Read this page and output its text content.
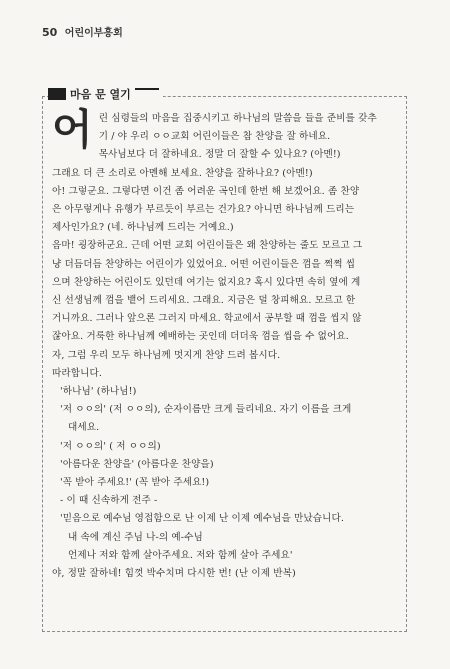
50 어린이부흥회
마음 문 열기
어 린 심령들의 마음을 집중시키고 하나님의 말씀을 들을 준비를 갖추
기 / 야 우리 ㅇㅇ교회 어린이들은 참 찬양을 잘 하네요.
목사님보다 더 잘하네요. 정말 더 잘할 수 있나요? (아멘!)
그래요 더 큰 소리로 아멘해 보세요. 찬양을 잘하나요? (아멘!)
아! 그렇군요. 그렇다면 이건 좀 어려운 곡인데 한번 해 보겠어요. 좀 찬양
은 아무렇게나 유행가 부르듯이 부르는 건가요? 아니면 하나님께 드리는
제사인가요? (네. 하나님께 드리는 거예요.)
음마! 굉장하군요. 근데 어떤 교회 어린이들은 왜 찬양하는 줄도 모르고 그
냥 더듬더듬 찬양하는 어린이가 있었어요. 어떤 어린이들은 껌을 쩍쩍 씹
으며 찬양하는 어린이도 있던데 여기는 없지요? 혹시 있다면 속히 옆에 계
신 선생님께 껌을 뱉어 드리세요. 그래요. 지금은 덜 창피해요. 모르고 한
거니까요. 그러나 앞으론 그러지 마세요. 학교에서 공부할 때 껌을 씹지 않
잖아요. 거룩한 하나님께 예배하는 곳인데 더더욱 껌을 씹을 수 없어요.
자, 그럼 우리 모두 하나님께 멋지게 찬양 드려 봅시다.
따라합니다.
'하나님' (하나님!)
'저 ㅇㅇ의' (저 ㅇㅇ의), 순자이름만 크게 들리네요. 자기 이름을 크게
대세요.
'저 ㅇㅇ의' ( 저 ㅇㅇ의)
'아름다운 찬양을' (아름다운 찬양을)
'꼭 받아 주세요!' (꼭 받아 주세요!)
- 이 때 신속하게 전주 -
'믿음으로 예수님 영접함으로 난 이제 난 이제 예수님을 만났습니다.
내 속에 계신 주님 나-의 예-수님
언제나 저와 함께 살아주세요. 저와 함께 살아 주세요'
야, 정말 잘하네! 힘껏 박수치며 다시한 번! (난 이제 반복)
